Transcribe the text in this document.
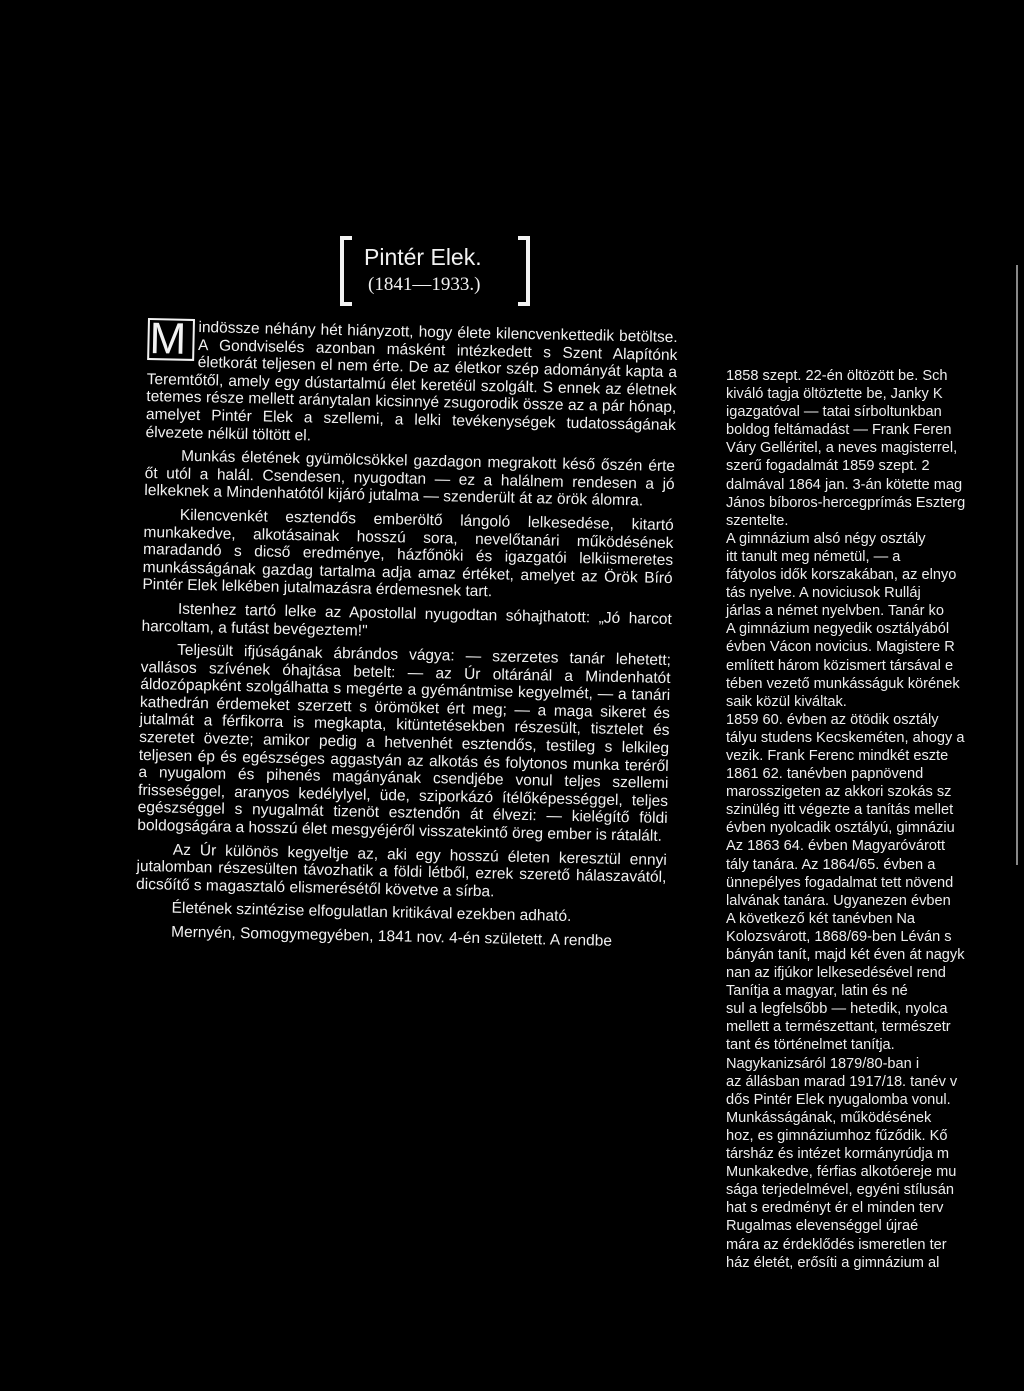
Pintér Elek.
(1841—1933.)

M indössze néhány hét hiányzott, hogy élete kilencvenkettedik betöltse. A Gondviselés azonban másként intézkedett s Szent Alapítónk életkorát teljesen el nem érte. De az életkor szép adományát kapta a Teremtőtől, amely egy dústartalmú élet keretéül szolgált. S ennek az életnek tetemes része mellett aránytalan kicsinnyé zsugorodik össze az a pár hónap, amelyet Pintér Elek a szellemi, a lelki tevékenységek tudatosságának élvezete nélkül töltött el.

Munkás életének gyümölcsökkel gazdagon megrakott késő őszén érte őt utól a halál. Csendesen, nyugodtan — ez a halálnem rendesen a jó lelkeknek a Mindenhatótól kijáró jutalma — szenderült át az örök álomra.

Kilencvenkét esztendős emberöltő lángoló lelkesedése, kitartó munkakedve, alkotásainak hosszú sora, nevelőtanári működésének maradandó s dicső eredménye, házfőnöki és igazgatói lelkiismeretes munkásságának gazdag tartalma adja amaz értéket, amelyet az Örök Bíró Pintér Elek lelkében jutalmazásra érdemesnek tart.

Istenhez tartó lelke az Apostollal nyugodtan sóhajthatott: „Jó harcot harcoltam, a futást bevégeztem!"

Teljesült ifjúságának ábrándos vágya: — szerzetes tanár lehetett; vallásos szívének óhajtása betelt: — az Úr oltáránál a Mindenhatót áldozópapként szolgálhatta s megérte a gyémántmise kegyelmét, — a tanári kathedrán érdemeket szerzett s örömöket ért meg; — a maga sikeret és jutalmát a férfikorra is megkapta, kitüntetésekben részesült, tisztelet és szeretet övezte; amikor pedig a hetvenhét esztendős, testileg s lelkileg teljesen ép és egészséges aggastyán az alkotás és folytonos munka teréről a nyugalom és pihenés magányának csendjébe vonul teljes szellemi frisseséggel, aranyos kedélylyel, üde, sziporkázó ítélőképességgel, teljes egészséggel s nyugalmát tizenöt esztendőn át élvezi: — kielégítő földi boldogságára a hosszú élet mesgyéjéről visszatekintő öreg ember is rátalált.

Az Úr különös kegyeltje az, aki egy hosszú életen keresztül ennyi jutalomban részesülten távozhatik a földi létből, ezrek szerető hálaszavától, dicsőítő s magasztaló elismerésétől követve a sírba.

Életének szintézise elfogulatlan kritikával ezekben adható.

Mernyén, Somogymegyében, 1841 nov. 4-én született. A rendbe

1858 szept. 22-én öltözött be. Sch
kiváló tagja öltöztette be, Janky K
igazgatóval — tatai sírboltunkban
boldog feltámadást — Frank Feren
Váry Gelléritel, a neves magisterrel,
szerű fogadalmát 1859 szept. 2
dalmával 1864 jan. 3-án kötette mag
János bíboros-hercegprímás Eszterg
szentelte.
A gimnázium alsó négy osztály
itt tanult meg németül, — a
fátyolos idők korszakában, az elnyo
tás nyelve. A noviciusok Rulláj
járlas a német nyelvben. Tanár ko
A gimnázium negyedik osztályából
évben Vácon novicius. Magistere R
említett három közismert társával e
tében vezető munkásságuk körének
saik közül kiváltak.
1859 60. évben az ötödik osztály
tályu studens Kecskeméten, ahogy a
vezik. Frank Ferenc mindkét eszte
1861 62. tanévben papnövend
marosszigeten az akkori szokás sz
szinülég itt végezte a tanítás mellet
évben nyolcadik osztályú, gimnáziu
Az 1863 64. évben Magyaróvárott
tály tanára. Az 1864/65. évben a
ünnepélyes fogadalmat tett növend
lalvának tanára. Ugyanezen évben
A következő két tanévben Na
Kolozsvárott, 1868/69-ben Léván s
bányán tanít, majd két éven át nagyk
nan az ifjúkor lelkesedésével rend
Tanítja a magyar, latin és né
sul a legfelsőbb — hetedik, nyolca
mellett a természettant, természetr
tant és történelmet tanítja.
Nagykanizsáról 1879/80-ban i
az állásban marad 1917/18. tanév v
dős Pintér Elek nyugalomba vonul.
Munkásságának, működésének
hoz, es gimnáziumhoz fűződik. Kő
társház és intézet kormányrúdja m
Munkakedve, férfias alkotóereje mu
sága terjedelmével, egyéni stílusán
hat s eredményt ér el minden terv
Rugalmas elevenséggel újraé
mára az érdeklődés ismeretlen ter
ház életét, erősíti a gimnázium al
